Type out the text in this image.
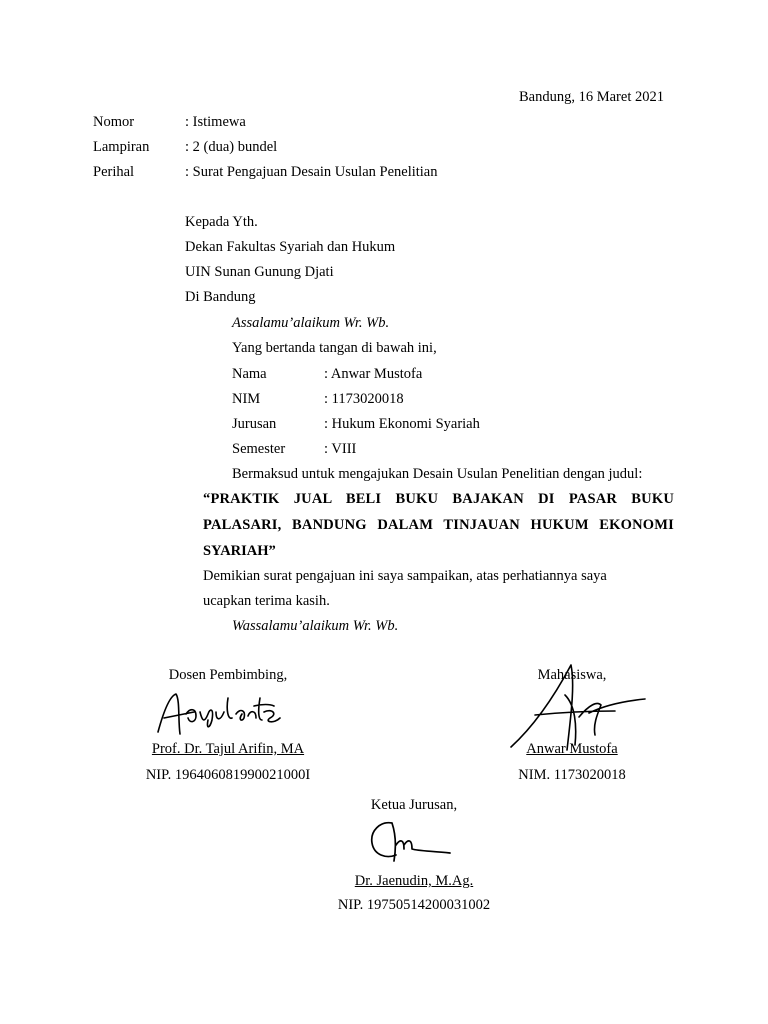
Bandung, 16 Maret 2021
Nomor	: Istimewa
Lampiran	: 2 (dua) bundel
Perihal	: Surat Pengajuan Desain Usulan Penelitian
Kepada Yth.
Dekan Fakultas Syariah dan Hukum
UIN Sunan Gunung Djati
Di Bandung
Assalamu’alaikum Wr. Wb.
Yang bertanda tangan di bawah ini,
Nama	: Anwar Mustofa
NIM	: 1173020018
Jurusan	: Hukum Ekonomi Syariah
Semester	: VIII
Bermaksud untuk mengajukan Desain Usulan Penelitian dengan judul:
“PRAKTIK JUAL BELI BUKU BAJAKAN DI PASAR BUKU
PALASARI, BANDUNG DALAM TINJAUAN HUKUM EKONOMI
SYARIAH”
Demikian surat pengajuan ini saya sampaikan, atas perhatiannya saya
ucapkan terima kasih.
Wassalamu’alaikum Wr. Wb.
Dosen Pembimbing,
Prof. Dr. Tajul Arifin, MA
NIP. 196406081990021000I
Mahasiswa,
Anwar Mustofa
NIM. 1173020018
Ketua Jurusan,
Dr. Jaenudin, M.Ag.
NIP. 19750514200031002
